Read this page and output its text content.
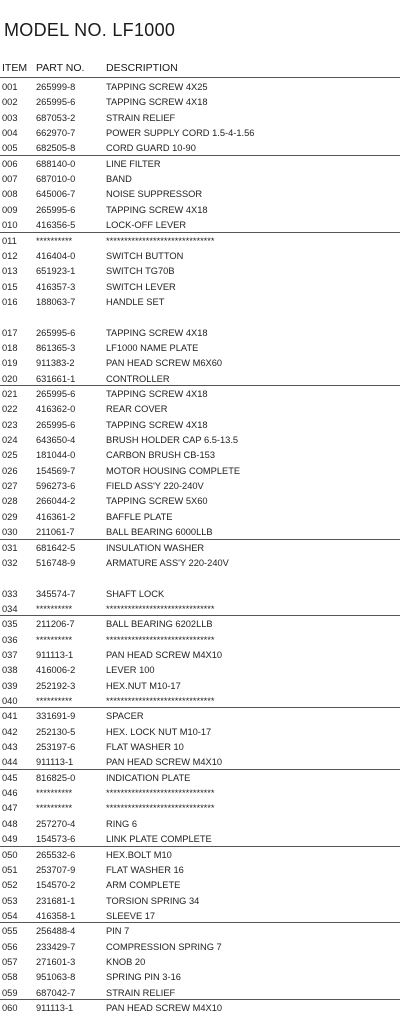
MODEL NO. LF1000
ITEM PART NO. DESCRIPTION
001 265999-8	TAPPING SCREW 4X25
002 265995-6	TAPPING SCREW 4X18
003 687053-2	STRAIN RELIEF
004 662970-7	POWER SUPPLY CORD 1.5-4-1.56
005 682505-8	CORD GUARD 10-90
006 688140-0	LINE FILTER
007 687010-0	BAND
008 645006-7	NOISE SUPPRESSOR
009 265995-6	TAPPING SCREW 4X18
010 416356-5	LOCK-OFF LEVER
011 **********	******************************
012 416404-0	SWITCH BUTTON
013 651923-1	SWITCH TG70B
015 416357-3	SWITCH LEVER
016 188063-7	HANDLE SET
017 265995-6	TAPPING SCREW 4X18
018 861365-3	LF1000 NAME PLATE
019 911383-2	PAN HEAD SCREW M6X60
020 631661-1	CONTROLLER
021 265995-6	TAPPING SCREW 4X18
022 416362-0	REAR COVER
023 265995-6	TAPPING SCREW 4X18
024 643650-4	BRUSH HOLDER CAP 6.5-13.5
025 181044-0	CARBON BRUSH CB-153
026 154569-7	MOTOR HOUSING COMPLETE
027 596273-6	FIELD ASS'Y 220-240V
028 266044-2	TAPPING SCREW 5X60
029 416361-2	BAFFLE PLATE
030 211061-7	BALL BEARING 6000LLB
031 681642-5	INSULATION WASHER
032 516748-9	ARMATURE ASS'Y 220-240V
033 345574-7	SHAFT LOCK
034 **********	******************************
035 211206-7	BALL BEARING 6202LLB
036 **********	******************************
037 911113-1	PAN HEAD SCREW M4X10
038 416006-2	LEVER 100
039 252192-3	HEX.NUT M10-17
040 **********	******************************
041 331691-9	SPACER
042 252130-5	HEX. LOCK NUT M10-17
043 253197-6	FLAT WASHER 10
044 911113-1	PAN HEAD SCREW M4X10
045 816825-0	INDICATION PLATE
046 **********	******************************
047 **********	******************************
048 257270-4	RING 6
049 154573-6	LINK PLATE COMPLETE
050 265532-6	HEX.BOLT M10
051 253707-9	FLAT WASHER 16
052 154570-2	ARM COMPLETE
053 231681-1	TORSION SPRING 34
054 416358-1	SLEEVE 17
055 256488-4	PIN 7
056 233429-7	COMPRESSION SPRING 7
057 271601-3	KNOB 20
058 951063-8	SPRING PIN 3-16
059 687042-7	STRAIN RELIEF
060 911113-1	PAN HEAD SCREW M4X10
